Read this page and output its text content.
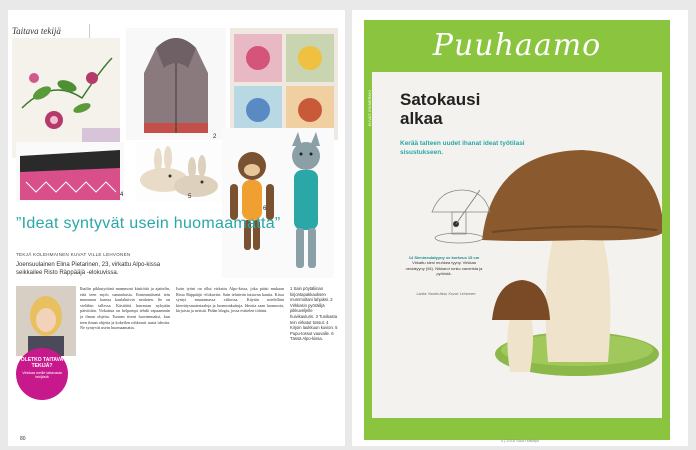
Taitava tekijä
2
4	5
6
”Ideat syntyvät usein huomaamatta”
TEKJÄ KOLEHMAINEN KUVAT VILLE LEHVONEN
Joensuulainen Elina Pietarinen, 23, virkattu Alpo-kissa seikkailee Risto Räppääjä -elokuvissa.
Ihailin pikkutyttönä mummoni käsitöitä ja ajattelin, että teen myös samanlaisia. Ensimmäisenä tein mummon kanssa kaulahuivin neulaten. Se on vieläkin tallessa. Käsitöitä harrastan nykyään päivittäin. Virkattua on helpompi tehdä vapaammin ja ilman ohjeita. Tunnen itseni luovimmaksi, kun teen ilman ohjetta ja kokeilen rohkeasti uusia ideoita. Ne syntyvät usein huomaamatta.
Isoin työni on ollut virkattu Alpo-kissa, joka pääsi mukaan Risto Räppääjä -elokuviin. Sain tehtävän tuttavan kautta. Kissa syntyi muutamassa viikossa. Käytän mielelläni kierrätysmateriaaleja ja luonnonkuituja. Ideoita saan luonnosta, kirjoista ja netistä. Pidän blogia, jossa esittelen töitäni.
1 Sain pöytäliinan kirjontapakkauksen mummoltani lahjaksi. 2 Virkkasin pyöräilijä pikkuveljelle huivikaulurin. 3 Tunikasta tein virkatut tossut. 4 Kirjoin laukkuun kuvion. 5 Pupu-tossut vauvalle. 6 Tässä Alpo-kissa.
OLETKO TAITAVA TEKIJÄ?
Vinkkaa meille taitavasta tekijästä
80
Puuhaamo
KUVAT: ESIMERKKI Satokausi alkaa
Kerää talteen uudet ihanat ideat työtilasi sisustukseen.
14 Sienineulatyyny xx korkeus 15 cm
Virkattu sieni muhkea tyyny. Virkkaa neulatyyny (54). Nikkaroi runko vanerista ja pyöristä.
Lanka: Novita Aina, Kuvat: Lehvonen
4 | 2015 Suuri käsityö
